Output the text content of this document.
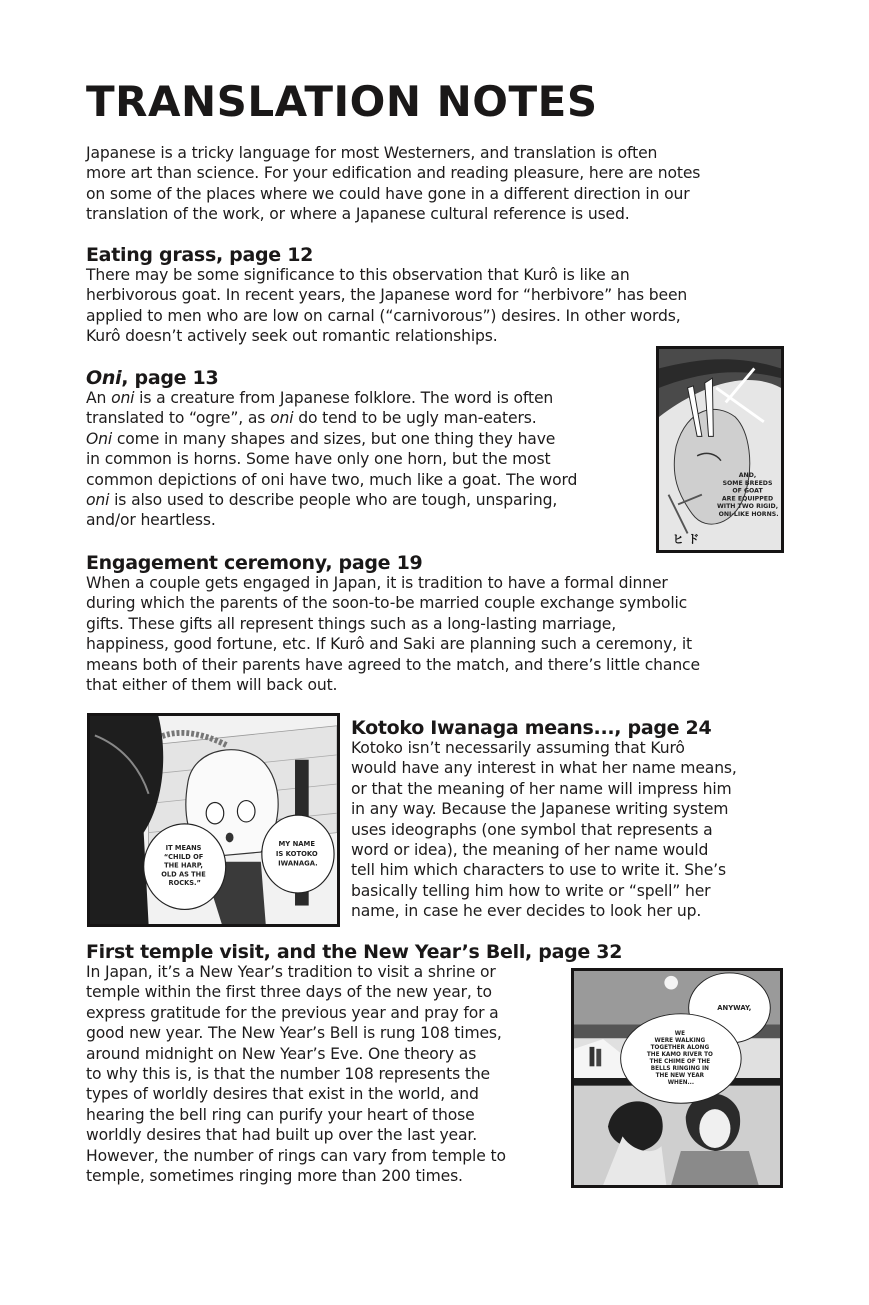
TRANSLATION NOTES
Japanese is a tricky language for most Westerners, and translation is often
more art than science. For your edification and reading pleasure, here are notes
on some of the places where we could have gone in a different direction in our
translation of the work, or where a Japanese cultural reference is used.
Eating grass, page 12
There may be some significance to this observation that Kurô is like an
herbivorous goat. In recent years, the Japanese word for “herbivore” has been
applied to men who are low on carnal (“carnivorous”) desires. In other words,
Kurô doesn’t actively seek out romantic relationships.
Oni, page 13
An oni is a creature from Japanese folklore. The word is often
translated to “ogre”, as oni do tend to be ugly man-eaters.
Oni come in many shapes and sizes, but one thing they have
in common is horns. Some have only one horn, but the most
common depictions of oni have two, much like a goat. The word
oni is also used to describe people who are tough, unsparing,
and/or heartless.
AND, SOME BREEDS OF GOAT ARE EQUIPPED WITH TWO RIGID, ONI-LIKE HORNS.
ヒ ド
Engagement ceremony, page 19
When a couple gets engaged in Japan, it is tradition to have a formal dinner
during which the parents of the soon-to-be married couple exchange symbolic
gifts. These gifts all represent things such as a long-lasting marriage,
happiness, good fortune, etc. If Kurô and Saki are planning such a ceremony, it
means both of their parents have agreed to the match, and there’s little chance
that either of them will back out.
IT MEANS “CHILD OF THE HARP, OLD AS THE ROCKS.”
MY NAME IS KOTOKO IWANAGA.
Kotoko Iwanaga means..., page 24
Kotoko isn’t necessarily assuming that Kurô
would have any interest in what her name means,
or that the meaning of her name will impress him
in any way. Because the Japanese writing system
uses ideographs (one symbol that represents a
word or idea), the meaning of her name would
tell him which characters to use to write it. She’s
basically telling him how to write or “spell” her
name, in case he ever decides to look her up.
First temple visit, and the New Year’s Bell, page 32
In Japan, it’s a New Year’s tradition to visit a shrine or
temple within the first three days of the new year, to
express gratitude for the previous year and pray for a
good new year. The New Year’s Bell is rung 108 times,
around midnight on New Year’s Eve. One theory as
to why this is, is that the number 108 represents the
types of worldly desires that exist in the world, and
hearing the bell ring can purify your heart of those
worldly desires that had built up over the last year.
However, the number of rings can vary from temple to
temple, sometimes ringing more than 200 times.
ANYWAY,
WE WERE WALKING TOGETHER ALONG THE KAMO RIVER TO THE CHIME OF THE BELLS RINGING IN THE NEW YEAR WHEN...
